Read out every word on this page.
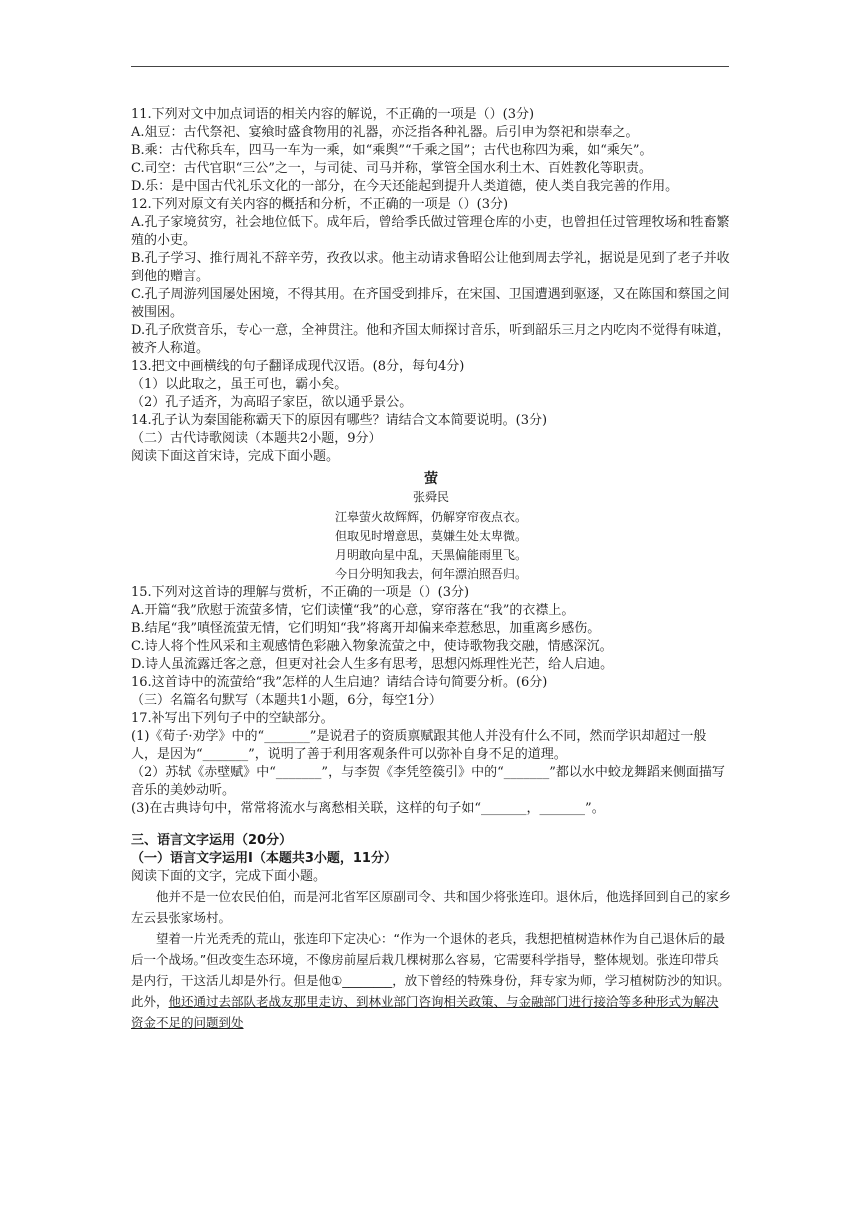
11.下列对文中加点词语的相关内容的解说，不正确的一项是（）(3分)

A.俎豆：古代祭祀、宴飨时盛食物用的礼器，亦泛指各种礼器。后引申为祭祀和崇奉之。

B.乘：古代称兵车，四马一车为一乘，如“乘舆”“千乘之国”；古代也称四为乘，如“乘矢”。

C.司空：古代官职“三公”之一，与司徒、司马并称，掌管全国水利土木、百姓教化等职责。

D.乐：是中国古代礼乐文化的一部分，在今天还能起到提升人类道德，使人类自我完善的作用。

12.下列对原文有关内容的概括和分析，不正确的一项是（）(3分)

A.孔子家境贫穷，社会地位低下。成年后，曾给季氏做过管理仓库的小吏，也曾担任过管理牧场和牲畜繁殖的小吏。

B.孔子学习、推行周礼不辞辛劳，孜孜以求。他主动请求鲁昭公让他到周去学礼，据说是见到了老子并收到他的赠言。

C.孔子周游列国屡处困境，不得其用。在齐国受到排斥，在宋国、卫国遭遇到驱逐，又在陈国和蔡国之间被围困。

D.孔子欣赏音乐，专心一意，全神贯注。他和齐国太师探讨音乐，听到韶乐三月之内吃肉不觉得有味道，被齐人称道。

13.把文中画横线的句子翻译成现代汉语。(8分，每句4分)

（1）以此取之，虽王可也，霸小矣。

（2）孔子适齐，为高昭子家臣，欲以通乎景公。

14.孔子认为秦国能称霸天下的原因有哪些？请结合文本简要说明。(3分)

（二）古代诗歌阅读（本题共2小题，9分）

阅读下面这首宋诗，完成下面小题。

萤
张舜民
江皋萤火故辉辉，仍解穿帘夜点衣。
但取见时增意思，莫嫌生处太卑微。
月明敢向星中乱，天黑偏能雨里飞。
今日分明知我去，何年漂泊照吾归。

15.下列对这首诗的理解与赏析，不正确的一项是（）(3分)

A.开篇“我”欣慰于流萤多情，它们读懂“我”的心意，穿帘落在“我”的衣襟上。

B.结尾“我”嗔怪流萤无情，它们明知“我”将离开却偏来牵惹愁思，加重离乡感伤。

C.诗人将个性风采和主观感情色彩融入物象流萤之中，使诗歌物我交融，情感深沉。

D.诗人虽流露迁客之意，但更对社会人生多有思考，思想闪烁理性光芒，给人启迪。

16.这首诗中的流萤给“我”怎样的人生启迪？请结合诗句简要分析。(6分)

（三）名篇名句默写（本题共1小题，6分，每空1分）

17.补写出下列句子中的空缺部分。

(1)《荀子·劝学》中的“_______”是说君子的资质禀赋跟其他人并没有什么不同，然而学识却超过一般人，是因为“_______”，说明了善于利用客观条件可以弥补自身不足的道理。

（2）苏轼《赤壁赋》中“_______”，与李贺《李凭箜篌引》中的“_______”都以水中蛟龙舞蹈来侧面描写音乐的美妙动听。

(3)在古典诗句中，常常将流水与离愁相关联，这样的句子如“_______，_______”。

三、语言文字运用（20分）

（一）语言文字运用Ⅰ（本题共3小题，11分）

阅读下面的文字，完成下面小题。

他并不是一位农民伯伯，而是河北省军区原副司令、共和国少将张连印。退休后，他选择回到自己的家乡左云县张家场村。

望着一片光秃秃的荒山，张连印下定决心：“作为一个退休的老兵，我想把植树造林作为自己退休后的最后一个战场。”但改变生态环境，不像房前屋后栽几棵树那么容易，它需要科学指导，整体规划。张连印带兵是内行，干这活儿却是外行。但是他①________，放下曾经的特殊身份，拜专家为师，学习植树防沙的知识。此外，他还通过去部队老战友那里走访、到林业部门咨询相关政策、与金融部门进行接洽等多种形式为解决资金不足的问题到处
